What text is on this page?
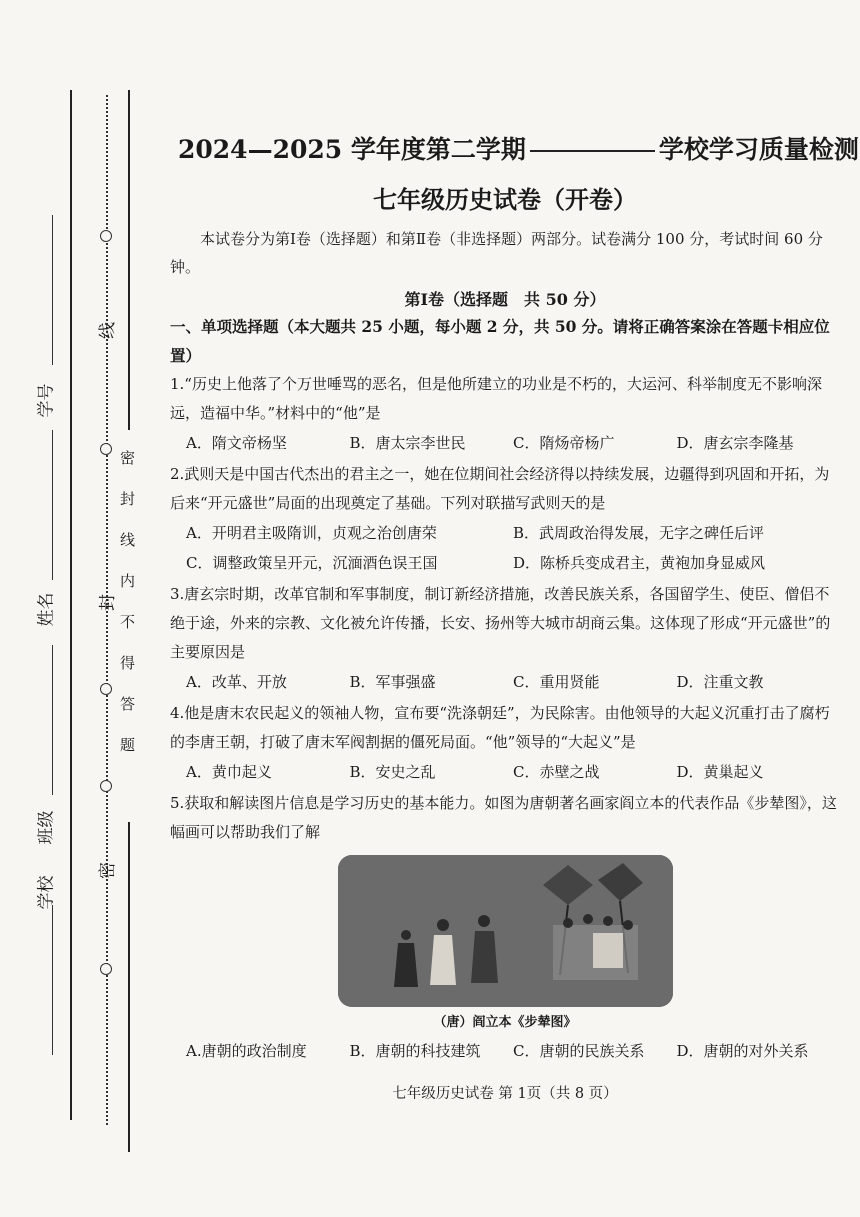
线
封
密
密封线内不得答题
学号
姓名
班级
学校
2024—2025 学年度第二学期	学校学习质量检测
七年级历史试卷（开卷）

本试卷分为第Ⅰ卷（选择题）和第Ⅱ卷（非选择题）两部分。试卷满分 100 分，考试时间 60 分钟。

第Ⅰ卷（选择题　共 50 分）

一、单项选择题（本大题共 25 小题，每小题 2 分，共 50 分。请将正确答案涂在答题卡相应位置）

1.“历史上他落了个万世唾骂的恶名，但是他所建立的功业是不朽的，大运河、科举制度无不影响深远，造福中华。”材料中的“他”是

A．隋文帝杨坚	B．唐太宗李世民	C．隋炀帝杨广	D．唐玄宗李隆基

2.武则天是中国古代杰出的君主之一，她在位期间社会经济得以持续发展，边疆得到巩固和开拓，为后来“开元盛世”局面的出现奠定了基础。下列对联描写武则天的是

A．开明君主吸隋训，贞观之治创唐荣	B．武周政治得发展，无字之碑任后评
C．调整政策呈开元，沉湎酒色误王国	D．陈桥兵变成君主，黄袍加身显威风

3.唐玄宗时期，改革官制和军事制度，制订新经济措施，改善民族关系，各国留学生、使臣、僧侣不绝于途，外来的宗教、文化被允许传播，长安、扬州等大城市胡商云集。这体现了形成“开元盛世”的主要原因是

A．改革、开放	B．军事强盛	C．重用贤能	D．注重文教

4.他是唐末农民起义的领袖人物，宣布要“洗涤朝廷”，为民除害。由他领导的大起义沉重打击了腐朽的李唐王朝，打破了唐末军阀割据的僵死局面。“他”领导的“大起义”是

A．黄巾起义	B．安史之乱	C．赤壁之战	D．黄巢起义

5.获取和解读图片信息是学习历史的基本能力。如图为唐朝著名画家阎立本的代表作品《步辇图》，这幅画可以帮助我们了解

（唐）阎立本《步辇图》
A.唐朝的政治制度	B．唐朝的科技建筑	C．唐朝的民族关系	D．唐朝的对外关系
七年级历史试卷 第 1页（共 8 页）
